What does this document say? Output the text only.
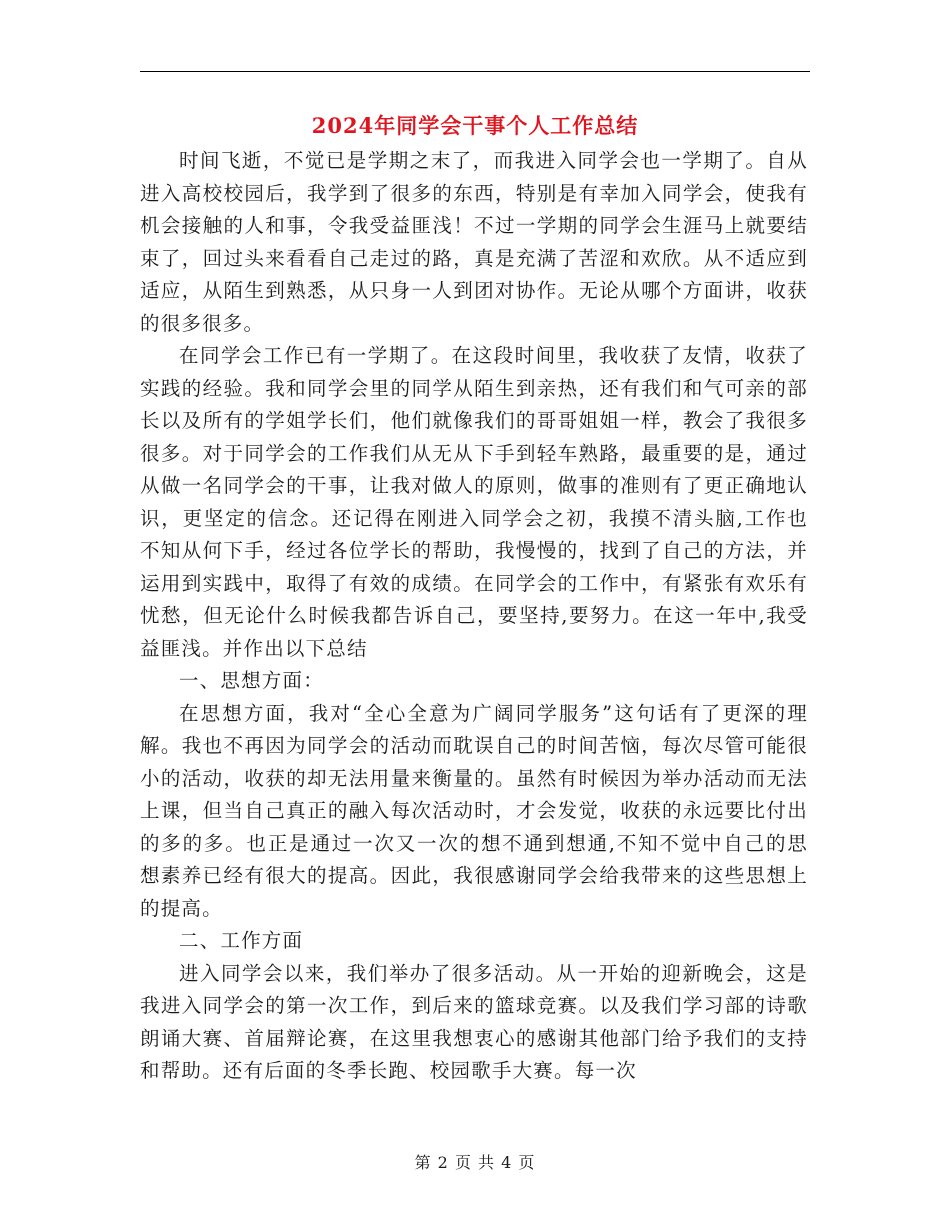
2024年同学会干事个人工作总结

时间飞逝，不觉已是学期之末了，而我进入同学会也一学期了。自从进入高校校园后，我学到了很多的东西，特别是有幸加入同学会，使我有机会接触的人和事，令我受益匪浅！不过一学期的同学会生涯马上就要结束了，回过头来看看自己走过的路，真是充满了苦涩和欢欣。从不适应到适应，从陌生到熟悉，从只身一人到团对协作。无论从哪个方面讲，收获的很多很多。

在同学会工作已有一学期了。在这段时间里，我收获了友情，收获了实践的经验。我和同学会里的同学从陌生到亲热，还有我们和气可亲的部长以及所有的学姐学长们，他们就像我们的哥哥姐姐一样，教会了我很多很多。对于同学会的工作我们从无从下手到轻车熟路，最重要的是，通过从做一名同学会的干事，让我对做人的原则，做事的准则有了更正确地认识，更坚定的信念。还记得在刚进入同学会之初，我摸不清头脑,工作也不知从何下手，经过各位学长的帮助，我慢慢的，找到了自己的方法，并运用到实践中，取得了有效的成绩。在同学会的工作中，有紧张有欢乐有忧愁，但无论什么时候我都告诉自己，要坚持,要努力。在这一年中,我受益匪浅。并作出以下总结

一、思想方面：

在思想方面，我对“全心全意为广阔同学服务”这句话有了更深的理解。我也不再因为同学会的活动而耽误自己的时间苦恼，每次尽管可能很小的活动，收获的却无法用量来衡量的。虽然有时候因为举办活动而无法上课，但当自己真正的融入每次活动时，才会发觉，收获的永远要比付出的多的多。也正是通过一次又一次的想不通到想通,不知不觉中自己的思想素养已经有很大的提高。因此，我很感谢同学会给我带来的这些思想上的提高。

二、工作方面

进入同学会以来，我们举办了很多活动。从一开始的迎新晚会，这是我进入同学会的第一次工作，到后来的篮球竞赛。以及我们学习部的诗歌朗诵大赛、首届辩论赛，在这里我想衷心的感谢其他部门给予我们的支持和帮助。还有后面的冬季长跑、校园歌手大赛。每一次

第 2 页 共 4 页
